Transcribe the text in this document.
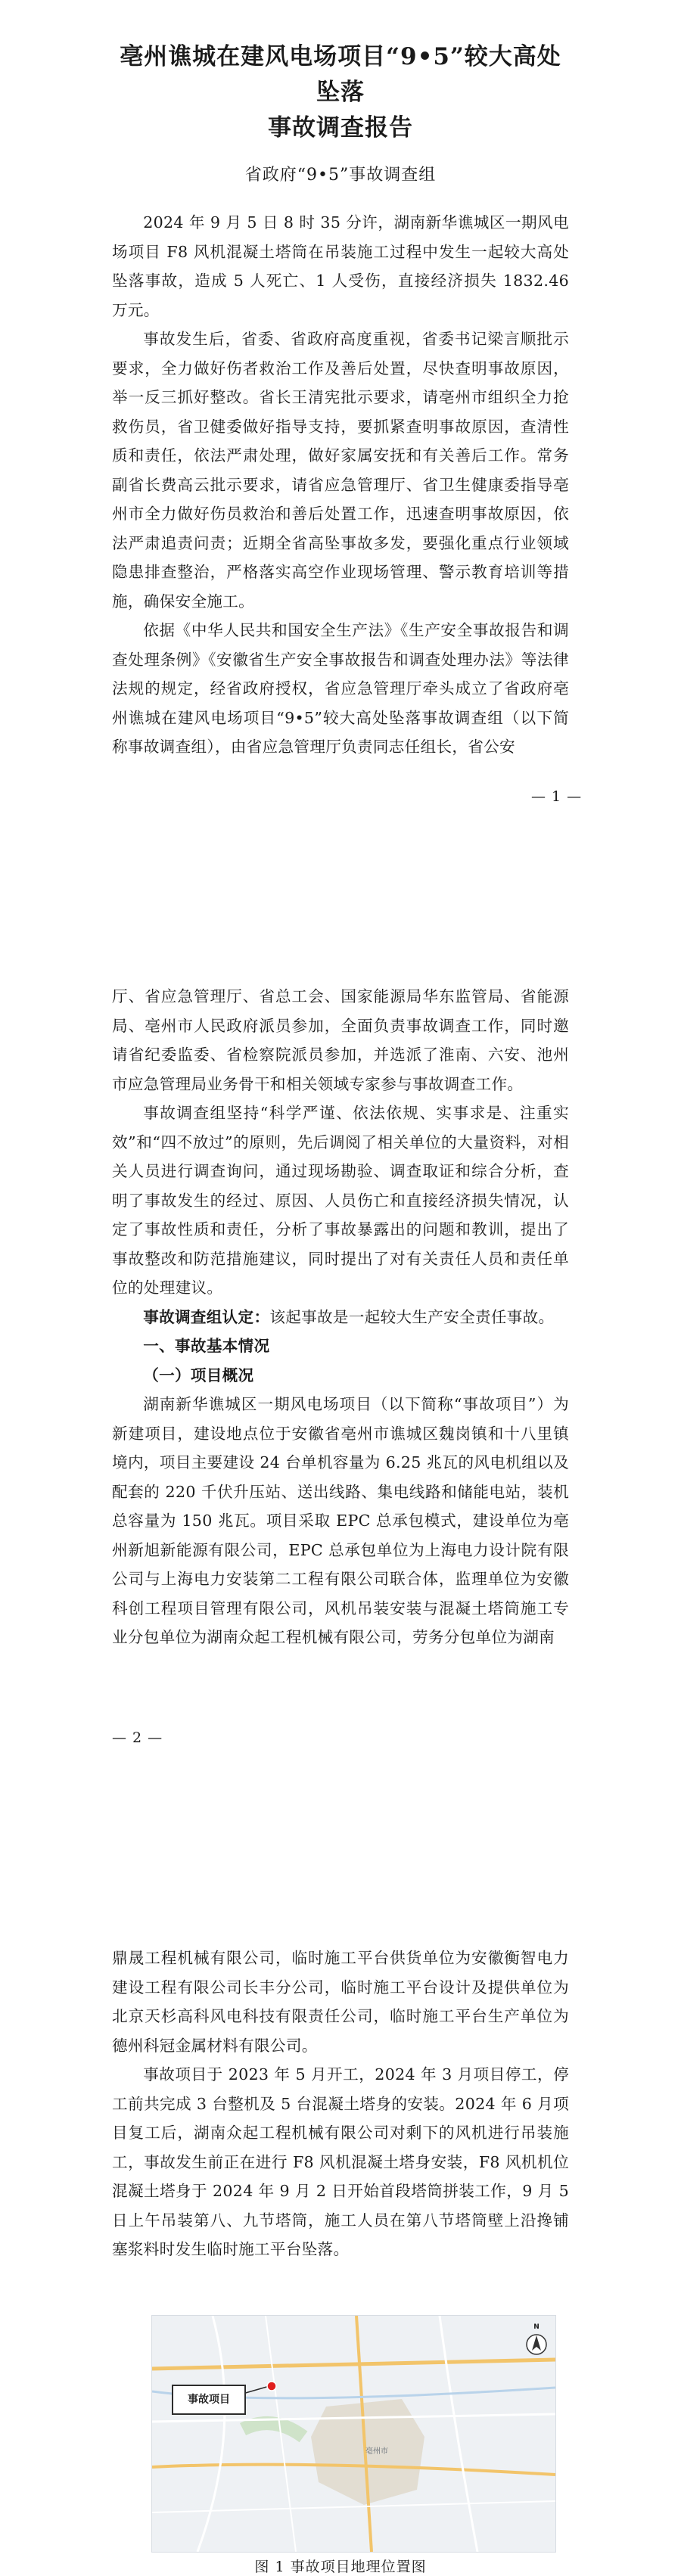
亳州谯城在建风电场项目“9•5”较大高处坠落
事故调查报告
省政府“9•5”事故调查组

2024 年 9 月 5 日 8 时 35 分许，湖南新华谯城区一期风电场项目 F8 风机混凝土塔筒在吊装施工过程中发生一起较大高处坠落事故，造成 5 人死亡、1 人受伤，直接经济损失 1832.46 万元。

事故发生后，省委、省政府高度重视，省委书记梁言顺批示要求，全力做好伤者救治工作及善后处置，尽快查明事故原因，举一反三抓好整改。省长王清宪批示要求，请亳州市组织全力抢救伤员，省卫健委做好指导支持，要抓紧查明事故原因，查清性质和责任，依法严肃处理，做好家属安抚和有关善后工作。常务副省长费高云批示要求，请省应急管理厅、省卫生健康委指导亳州市全力做好伤员救治和善后处置工作，迅速查明事故原因，依法严肃追责问责；近期全省高坠事故多发，要强化重点行业领域隐患排查整治，严格落实高空作业现场管理、警示教育培训等措施，确保安全施工。

依据《中华人民共和国安全生产法》《生产安全事故报告和调查处理条例》《安徽省生产安全事故报告和调查处理办法》等法律法规的规定，经省政府授权，省应急管理厅牵头成立了省政府亳州谯城在建风电场项目“9•5”较大高处坠落事故调查组（以下简称事故调查组），由省应急管理厅负责同志任组长，省公安

— 1 —

厅、省应急管理厅、省总工会、国家能源局华东监管局、省能源局、亳州市人民政府派员参加，全面负责事故调查工作，同时邀请省纪委监委、省检察院派员参加，并选派了淮南、六安、池州市应急管理局业务骨干和相关领域专家参与事故调查工作。

事故调查组坚持“科学严谨、依法依规、实事求是、注重实效”和“四不放过”的原则，先后调阅了相关单位的大量资料，对相关人员进行调查询问，通过现场勘验、调查取证和综合分析，查明了事故发生的经过、原因、人员伤亡和直接经济损失情况，认定了事故性质和责任，分析了事故暴露出的问题和教训，提出了事故整改和防范措施建议，同时提出了对有关责任人员和责任单位的处理建议。

事故调查组认定：该起事故是一起较大生产安全责任事故。

一、事故基本情况

（一）项目概况

湖南新华谯城区一期风电场项目（以下简称“事故项目”）为新建项目，建设地点位于安徽省亳州市谯城区魏岗镇和十八里镇境内，项目主要建设 24 台单机容量为 6.25 兆瓦的风电机组以及配套的 220 千伏升压站、送出线路、集电线路和储能电站，装机总容量为 150 兆瓦。项目采取 EPC 总承包模式，建设单位为亳州新旭新能源有限公司，EPC 总承包单位为上海电力设计院有限公司与上海电力安装第二工程有限公司联合体，监理单位为安徽科创工程项目管理有限公司，风机吊装安装与混凝土塔筒施工专业分包单位为湖南众起工程机械有限公司，劳务分包单位为湖南

— 2 —

鼎晟工程机械有限公司，临时施工平台供货单位为安徽衡智电力建设工程有限公司长丰分公司，临时施工平台设计及提供单位为北京天杉高科风电科技有限责任公司，临时施工平台生产单位为德州科冠金属材料有限公司。

事故项目于 2023 年 5 月开工，2024 年 3 月项目停工，停工前共完成 3 台整机及 5 台混凝土塔身的安装。2024 年 6 月项目复工后，湖南众起工程机械有限公司对剩下的风机进行吊装施工，事故发生前正在进行 F8 风机混凝土塔身安装，F8 风机机位混凝土塔身于 2024 年 9 月 2 日开始首段塔筒拼装工作，9 月 5 日上午吊装第八、九节塔筒，施工人员在第八节塔筒壁上沿搀铺塞浆料时发生临时施工平台坠落。

事故项目
亳州市
N
图 1 事故项目地理位置图
